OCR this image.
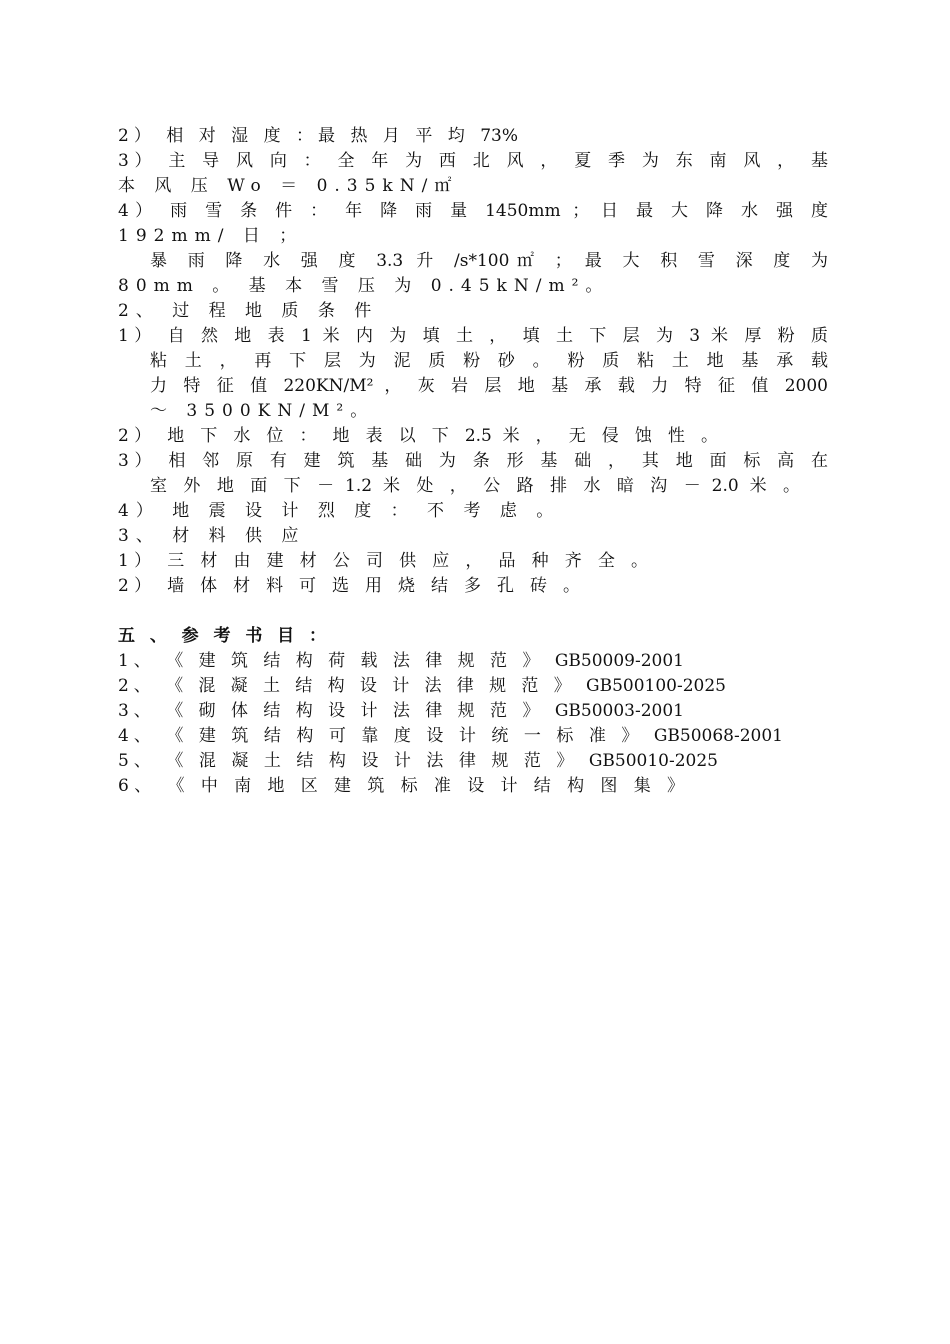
2） 相 对 湿 度 ：最 热 月 平 均 73%
3） 主 导 风 向 ： 全 年 为 西 北 风 ， 夏 季 为 东 南 风 ， 基
本 风 压 Wo ＝ 0.35kN/㎡
4） 雨 雪 条 件 ： 年 降 雨 量 1450mm ； 日 最 大 降 水 强 度
192mm/ 日 ；
暴 雨 降 水 强 度 3.3 升 /s*100㎡ ； 最 大 积 雪 深 度 为
80mm 。 基 本 雪 压 为 0.45kN/m²。
2、 过 程 地 质 条 件
1） 自 然 地 表 1 米 内 为 填 土 ， 填 土 下 层 为 3 米 厚 粉 质
粘 土 ， 再 下 层 为 泥 质 粉 砂 。 粉 质 粘 土 地 基 承 载
力 特 征 值 220KN/M² ， 灰 岩 层 地 基 承 载 力 特 征 值 2000
～ 3500KN/M²。
2） 地 下 水 位 ： 地 表 以 下 2.5 米 ， 无 侵 蚀 性 。
3） 相 邻 原 有 建 筑 基 础 为 条 形 基 础 ， 其 地 面 标 高 在
室 外 地 面 下 － 1.2 米 处 ， 公 路 排 水 暗 沟 － 2.0 米 。
4） 地 震 设 计 烈 度 ： 不 考 虑 。
3、 材 料 供 应
1） 三 材 由 建 材 公 司 供 应 ， 品 种 齐 全 。
2） 墙 体 材 料 可 选 用 烧 结 多 孔 砖 。
五 、 参 考 书 目 ：
1、 《 建 筑 结 构 荷 载 法 律 规 范 》 GB50009-2001
2、 《 混 凝 土 结 构 设 计 法 律 规 范 》 GB500100-2025
3、 《 砌 体 结 构 设 计 法 律 规 范 》 GB50003-2001
4、 《 建 筑 结 构 可 靠 度 设 计 统 一 标 准 》 GB50068-2001
5、 《 混 凝 土 结 构 设 计 法 律 规 范 》 GB50010-2025
6、 《 中 南 地 区 建 筑 标 准 设 计 结 构 图 集 》
